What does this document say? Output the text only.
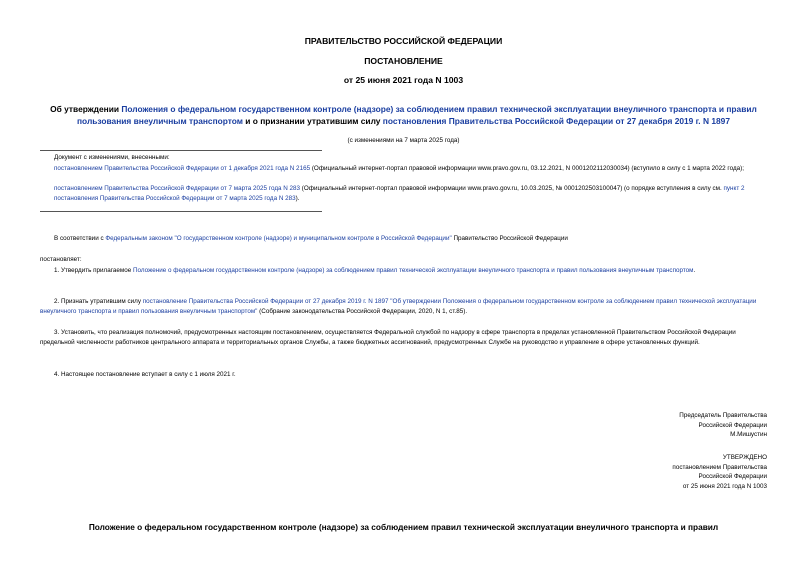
ПРАВИТЕЛЬСТВО РОССИЙСКОЙ ФЕДЕРАЦИИ
ПОСТАНОВЛЕНИЕ
от 25 июня 2021 года N 1003
Об утверждении Положения о федеральном государственном контроле (надзоре) за соблюдением правил технической эксплуатации внеуличного транспорта и правил пользования внеуличным транспортом и о признании утратившим силу постановления Правительства Российской Федерации от 27 декабря 2019 г. N 1897
(с изменениями на 7 марта 2025 года)
Документ с изменениями, внесенными:
постановлением Правительства Российской Федерации от 1 декабря 2021 года N 2165 (Официальный интернет-портал правовой информации www.pravo.gov.ru, 03.12.2021, N 0001202112030034) (вступило в силу с 1 марта 2022 года);
постановлением Правительства Российской Федерации от 7 марта 2025 года N 283 (Официальный интернет-портал правовой информации www.pravo.gov.ru, 10.03.2025, № 0001202503100047) (о порядке вступления в силу см. пункт 2 постановления Правительства Российской Федерации от 7 марта 2025 года N 283).
В соответствии с Федеральным законом "О государственном контроле (надзоре) и муниципальном контроле в Российской Федерации" Правительство Российской Федерации
постановляет:
1. Утвердить прилагаемое Положение о федеральном государственном контроле (надзоре) за соблюдением правил технической эксплуатации внеуличного транспорта и правил пользования внеуличным транспортом.
2. Признать утратившим силу постановление Правительства Российской Федерации от 27 декабря 2019 г. N 1897 "Об утверждении Положения о федеральном государственном контроле за соблюдением правил технической эксплуатации внеуличного транспорта и правил пользования внеуличным транспортом" (Собрание законодательства Российской Федерации, 2020, N 1, ст.85).
3. Установить, что реализация полномочий, предусмотренных настоящим постановлением, осуществляется Федеральной службой по надзору в сфере транспорта в пределах установленной Правительством Российской Федерации предельной численности работников центрального аппарата и территориальных органов Службы, а также бюджетных ассигнований, предусмотренных Службе на руководство и управление в сфере установленных функций.
4. Настоящее постановление вступает в силу с 1 июля 2021 г.
Председатель Правительства
Российской Федерации
М.Мишустин
УТВЕРЖДЕНО
постановлением Правительства
Российской Федерации
от 25 июня 2021 года N 1003
Положение о федеральном государственном контроле (надзоре) за соблюдением правил технической эксплуатации внеуличного транспорта и правил
